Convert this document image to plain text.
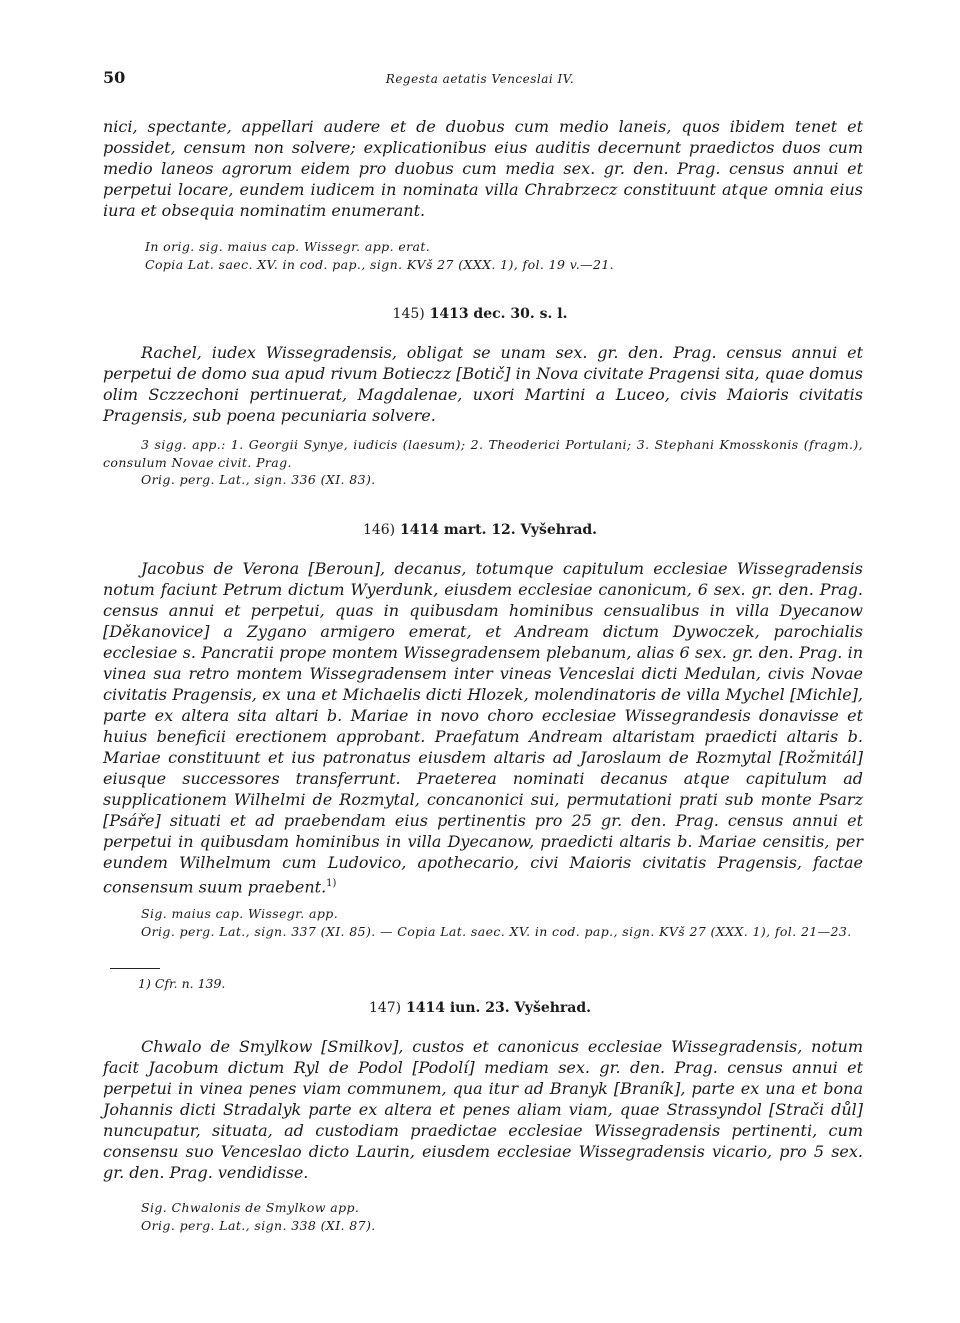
50	Regesta aetatis Venceslai IV.

nici, spectante, appellari audere et de duobus cum medio laneis, quos ibidem tenet et possidet, censum non solvere; explicationibus eius auditis decernunt praedictos duos cum medio laneos agrorum eidem pro duobus cum media sex. gr. den. Prag. census annui et perpetui locare, eundem iudicem in nominata villa Chrabrzecz constituunt atque omnia eius iura et obsequia nominatim enumerant.

In orig. sig. maius cap. Wissegr. app. erat.

Copia Lat. saec. XV. in cod. pap., sign. KVš 27 (XXX. 1), fol. 19 v.—21.

145) 1413 dec. 30. s. l.

Rachel, iudex Wissegradensis, obligat se unam sex. gr. den. Prag. census annui et perpetui de domo sua apud rivum Botieczz [Botič] in Nova civitate Pragensi sita, quae domus olim Sczzechoni pertinuerat, Magdalenae, uxori Martini a Luceo, civis Maioris civitatis Pragensis, sub poena pecuniaria solvere.

3 sigg. app.: 1. Georgii Synye, iudicis (laesum); 2. Theoderici Portulani; 3. Stephani Kmosskonis (fragm.), consulum Novae civit. Prag.

Orig. perg. Lat., sign. 336 (XI. 83).

146) 1414 mart. 12. Vyšehrad.

Jacobus de Verona [Beroun], decanus, totumque capitulum ecclesiae Wissegradensis notum faciunt Petrum dictum Wyerdunk, eiusdem ecclesiae canonicum, 6 sex. gr. den. Prag. census annui et perpetui, quas in quibusdam hominibus censualibus in villa Dyecanow [Děkanovice] a Zygano armigero emerat, et Andream dictum Dywoczek, parochialis ecclesiae s. Pancratii prope montem Wissegradensem plebanum, alias 6 sex. gr. den. Prag. in vinea sua retro montem Wissegradensem inter vineas Venceslai dicti Medulan, civis Novae civitatis Pragensis, ex una et Michaelis dicti Hlozek, molendinatoris de villa Mychel [Michle], parte ex altera sita altari b. Mariae in novo choro ecclesiae Wissegrandesis donavisse et huius beneficii erectionem approbant. Praefatum Andream altaristam praedicti altaris b. Mariae constituunt et ius patronatus eiusdem altaris ad Jaroslaum de Rozmytal [Rožmitál] eiusque successores transferrunt. Praeterea nominati decanus atque capitulum ad supplicationem Wilhelmi de Rozmytal, concanonici sui, permutationi prati sub monte Psarz [Psáře] situati et ad praebendam eius pertinentis pro 25 gr. den. Prag. census annui et perpetui in quibusdam hominibus in villa Dyecanow, praedicti altaris b. Mariae censitis, per eundem Wilhelmum cum Ludovico, apothecario, civi Maioris civitatis Pragensis, factae consensum suum praebent.$^{1)}$

Sig. maius cap. Wissegr. app.

Orig. perg. Lat., sign. 337 (XI. 85). — Copia Lat. saec. XV. in cod. pap., sign. KVš 27 (XXX. 1), fol. 21—23.

1) Cfr. n. 139.
147) 1414 iun. 23. Vyšehrad.

Chwalo de Smylkow [Smilkov], custos et canonicus ecclesiae Wissegradensis, notum facit Jacobum dictum Ryl de Podol [Podolí] mediam sex. gr. den. Prag. census annui et perpetui in vinea penes viam communem, qua itur ad Branyk [Braník], parte ex una et bona Johannis dicti Stradalyk parte ex altera et penes aliam viam, quae Strassyndol [Strači důl] nuncupatur, situata, ad custodiam praedictae ecclesiae Wissegradensis pertinenti, cum consensu suo Venceslao dicto Laurin, eiusdem ecclesiae Wissegradensis vicario, pro 5 sex. gr. den. Prag. vendidisse.

Sig. Chwalonis de Smylkow app.

Orig. perg. Lat., sign. 338 (XI. 87).
